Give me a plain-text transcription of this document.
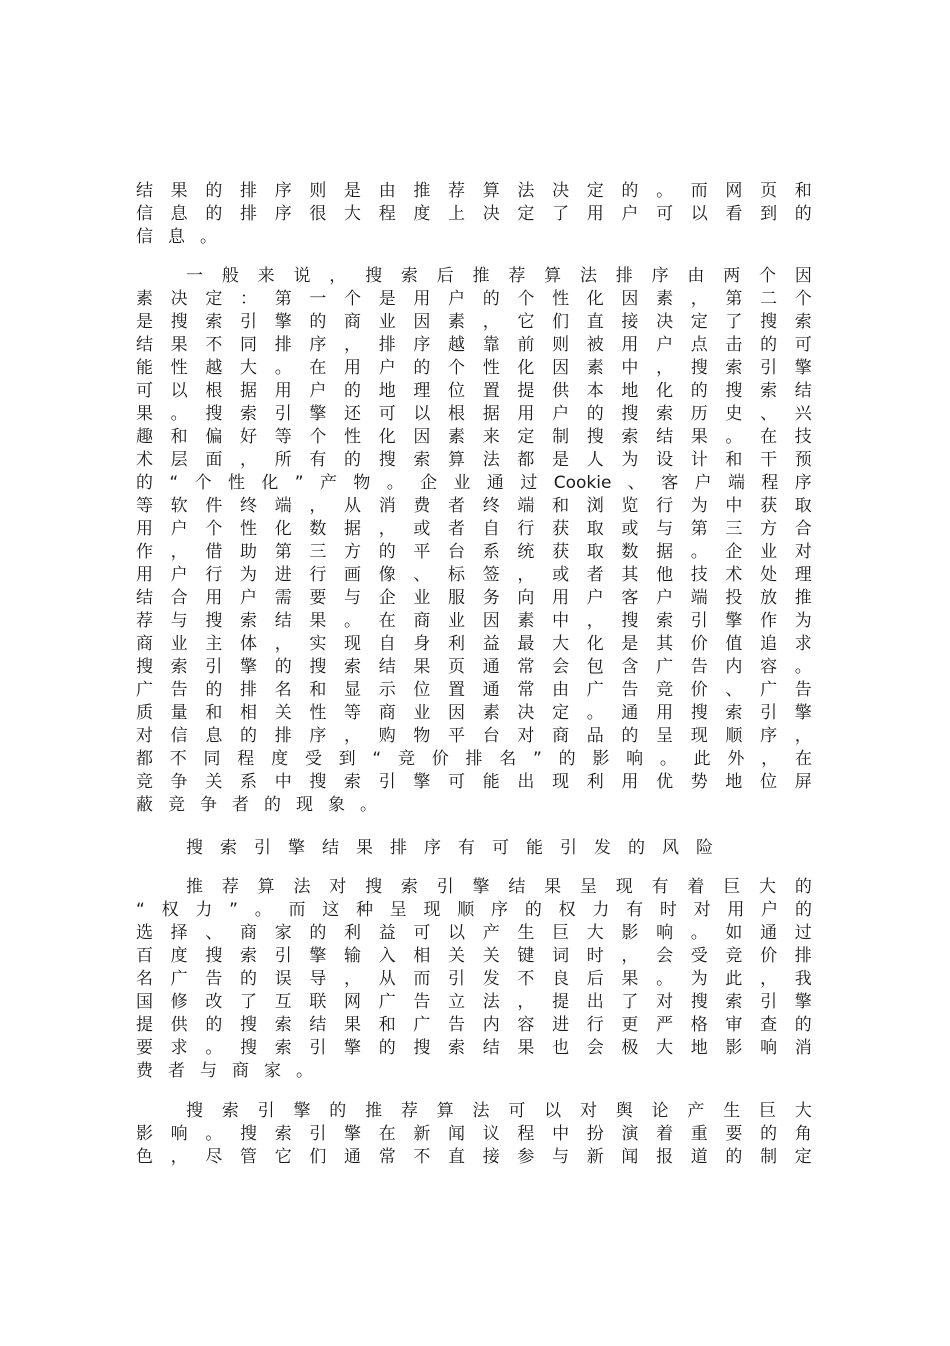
结 果 的 排 序 则 是 由 推 荐 算 法 决 定 的 。 而 网 页 和
信 息 的 排 序 很 大 程 度 上 决 定 了 用 户 可 以 看 到 的
信 息 。
一 般 来 说 ， 搜 索 后 推 荐 算 法 排 序 由 两 个 因
素 决 定 ： 第 一 个 是 用 户 的 个 性 化 因 素 ， 第 二 个
是 搜 索 引 擎 的 商 业 因 素 ， 它 们 直 接 决 定 了 搜 索
结 果 不 同 排 序 ， 排 序 越 靠 前 则 被 用 户 点 击 的 可
能 性 越 大 。 在 用 户 的 个 性 化 因 素 中 ， 搜 索 引 擎
可 以 根 据 用 户 的 地 理 位 置 提 供 本 地 化 的 搜 索 结
果 。 搜 索 引 擎 还 可 以 根 据 用 户 的 搜 索 历 史 、 兴
趣 和 偏 好 等 个 性 化 因 素 来 定 制 搜 索 结 果 。 在 技
术 层 面 ， 所 有 的 搜 索 算 法 都 是 人 为 设 计 和 干 预
的 “ 个 性 化 ” 产 物 。 企 业 通 过 Cookie 、 客 户 端 程 序
等 软 件 终 端 ， 从 消 费 者 终 端 和 浏 览 行 为 中 获 取
用 户 个 性 化 数 据 ， 或 者 自 行 获 取 或 与 第 三 方 合
作 ， 借 助 第 三 方 的 平 台 系 统 获 取 数 据 。 企 业 对
用 户 行 为 进 行 画 像 、 标 签 ， 或 者 其 他 技 术 处 理
结 合 用 户 需 要 与 企 业 服 务 向 用 户 客 户 端 投 放 推
荐 与 搜 索 结 果 。 在 商 业 因 素 中 ， 搜 索 引 擎 作 为
商 业 主 体 ， 实 现 自 身 利 益 最 大 化 是 其 价 值 追 求
搜 索 引 擎 的 搜 索 结 果 页 通 常 会 包 含 广 告 内 容 。
广 告 的 排 名 和 显 示 位 置 通 常 由 广 告 竞 价 、 广 告
质 量 和 相 关 性 等 商 业 因 素 决 定 。 通 用 搜 索 引 擎
对 信 息 的 排 序 ， 购 物 平 台 对 商 品 的 呈 现 顺 序 ，
都 不 同 程 度 受 到 “ 竞 价 排 名 ” 的 影 响 。 此 外 ， 在
竞 争 关 系 中 搜 索 引 擎 可 能 出 现 利 用 优 势 地 位 屏
蔽 竞 争 者 的 现 象 。
搜 索 引 擎 结 果 排 序 有 可 能 引 发 的 风 险
推 荐 算 法 对 搜 索 引 擎 结 果 呈 现 有 着 巨 大 的
“ 权 力 ” 。 而 这 种 呈 现 顺 序 的 权 力 有 时 对 用 户 的
选 择 、 商 家 的 利 益 可 以 产 生 巨 大 影 响 。 如 通 过
百 度 搜 索 引 擎 输 入 相 关 关 键 词 时 ， 会 受 竞 价 排
名 广 告 的 误 导 ， 从 而 引 发 不 良 后 果 。 为 此 ， 我
国 修 改 了 互 联 网 广 告 立 法 ， 提 出 了 对 搜 索 引 擎
提 供 的 搜 索 结 果 和 广 告 内 容 进 行 更 严 格 审 查 的
要 求 。 搜 索 引 擎 的 搜 索 结 果 也 会 极 大 地 影 响 消
费 者 与 商 家 。
搜 索 引 擎 的 推 荐 算 法 可 以 对 舆 论 产 生 巨 大
影 响 。 搜 索 引 擎 在 新 闻 议 程 中 扮 演 着 重 要 的 角
色 ， 尽 管 它 们 通 常 不 直 接 参 与 新 闻 报 道 的 制 定
